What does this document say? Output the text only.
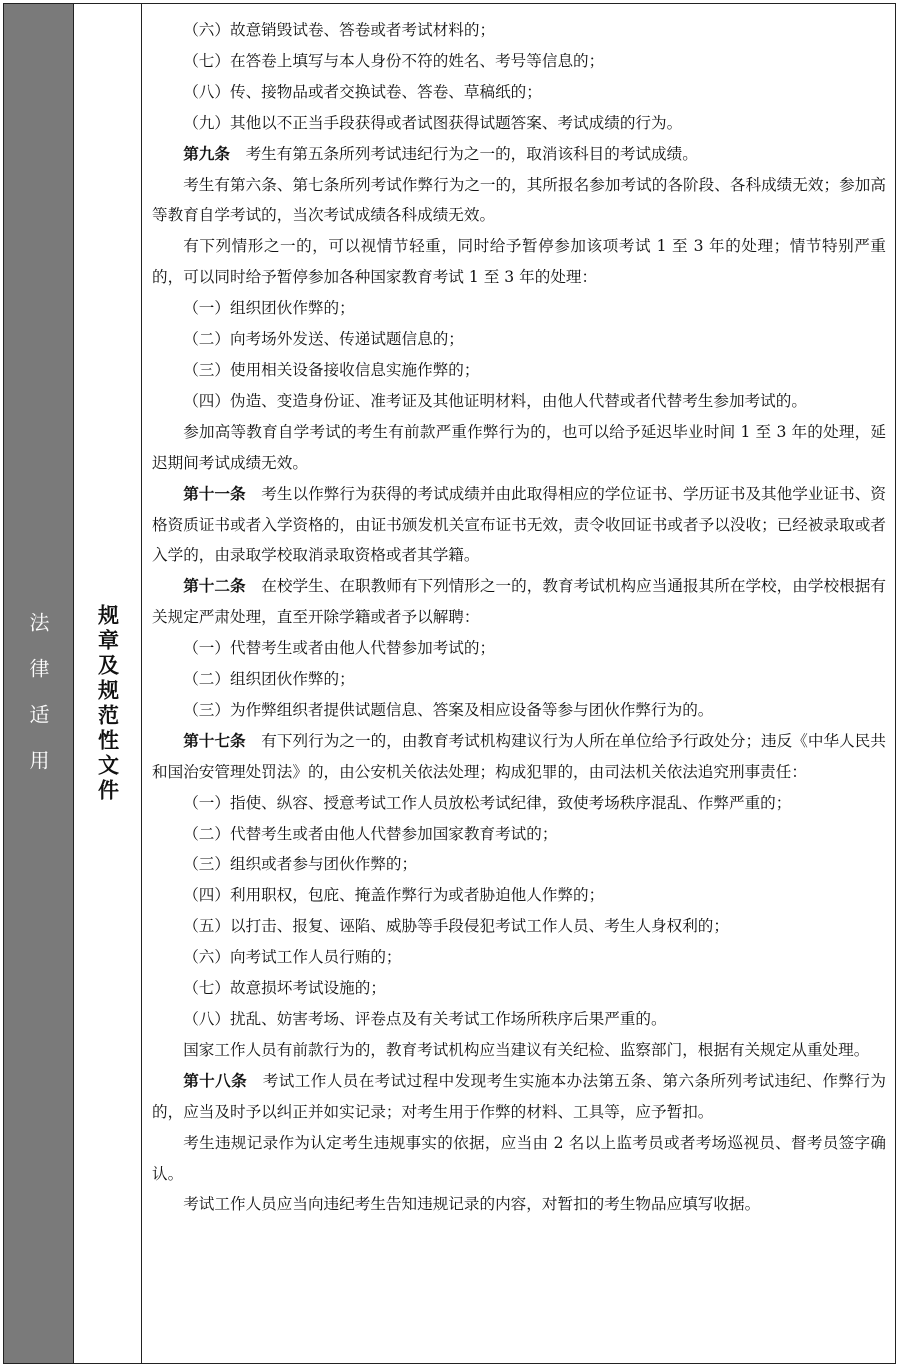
法律适用 规章及规范性文件

（六）故意销毁试卷、答卷或者考试材料的；

（七）在答卷上填写与本人身份不符的姓名、考号等信息的；

（八）传、接物品或者交换试卷、答卷、草稿纸的；

（九）其他以不正当手段获得或者试图获得试题答案、考试成绩的行为。

第九条 考生有第五条所列考试违纪行为之一的，取消该科目的考试成绩。

考生有第六条、第七条所列考试作弊行为之一的，其所报名参加考试的各阶段、各科成绩无效；参加高等教育自学考试的，当次考试成绩各科成绩无效。

有下列情形之一的，可以视情节轻重，同时给予暂停参加该项考试 1 至 3 年的处理；情节特别严重的，可以同时给予暂停参加各种国家教育考试 1 至 3 年的处理：

（一）组织团伙作弊的；

（二）向考场外发送、传递试题信息的；

（三）使用相关设备接收信息实施作弊的；

（四）伪造、变造身份证、准考证及其他证明材料，由他人代替或者代替考生参加考试的。

参加高等教育自学考试的考生有前款严重作弊行为的，也可以给予延迟毕业时间 1 至 3 年的处理，延迟期间考试成绩无效。

第十一条 考生以作弊行为获得的考试成绩并由此取得相应的学位证书、学历证书及其他学业证书、资格资质证书或者入学资格的，由证书颁发机关宣布证书无效，责令收回证书或者予以没收；已经被录取或者入学的，由录取学校取消录取资格或者其学籍。

第十二条 在校学生、在职教师有下列情形之一的，教育考试机构应当通报其所在学校，由学校根据有关规定严肃处理，直至开除学籍或者予以解聘：

（一）代替考生或者由他人代替参加考试的；

（二）组织团伙作弊的；

（三）为作弊组织者提供试题信息、答案及相应设备等参与团伙作弊行为的。

第十七条 有下列行为之一的，由教育考试机构建议行为人所在单位给予行政处分；违反《中华人民共和国治安管理处罚法》的，由公安机关依法处理；构成犯罪的，由司法机关依法追究刑事责任：

（一）指使、纵容、授意考试工作人员放松考试纪律，致使考场秩序混乱、作弊严重的；

（二）代替考生或者由他人代替参加国家教育考试的；

（三）组织或者参与团伙作弊的；

（四）利用职权，包庇、掩盖作弊行为或者胁迫他人作弊的；

（五）以打击、报复、诬陷、威胁等手段侵犯考试工作人员、考生人身权利的；

（六）向考试工作人员行贿的；

（七）故意损坏考试设施的；

（八）扰乱、妨害考场、评卷点及有关考试工作场所秩序后果严重的。

国家工作人员有前款行为的，教育考试机构应当建议有关纪检、监察部门，根据有关规定从重处理。

第十八条 考试工作人员在考试过程中发现考生实施本办法第五条、第六条所列考试违纪、作弊行为的，应当及时予以纠正并如实记录；对考生用于作弊的材料、工具等，应予暂扣。

考生违规记录作为认定考生违规事实的依据，应当由 2 名以上监考员或者考场巡视员、督考员签字确认。

考试工作人员应当向违纪考生告知违规记录的内容，对暂扣的考生物品应填写收据。
